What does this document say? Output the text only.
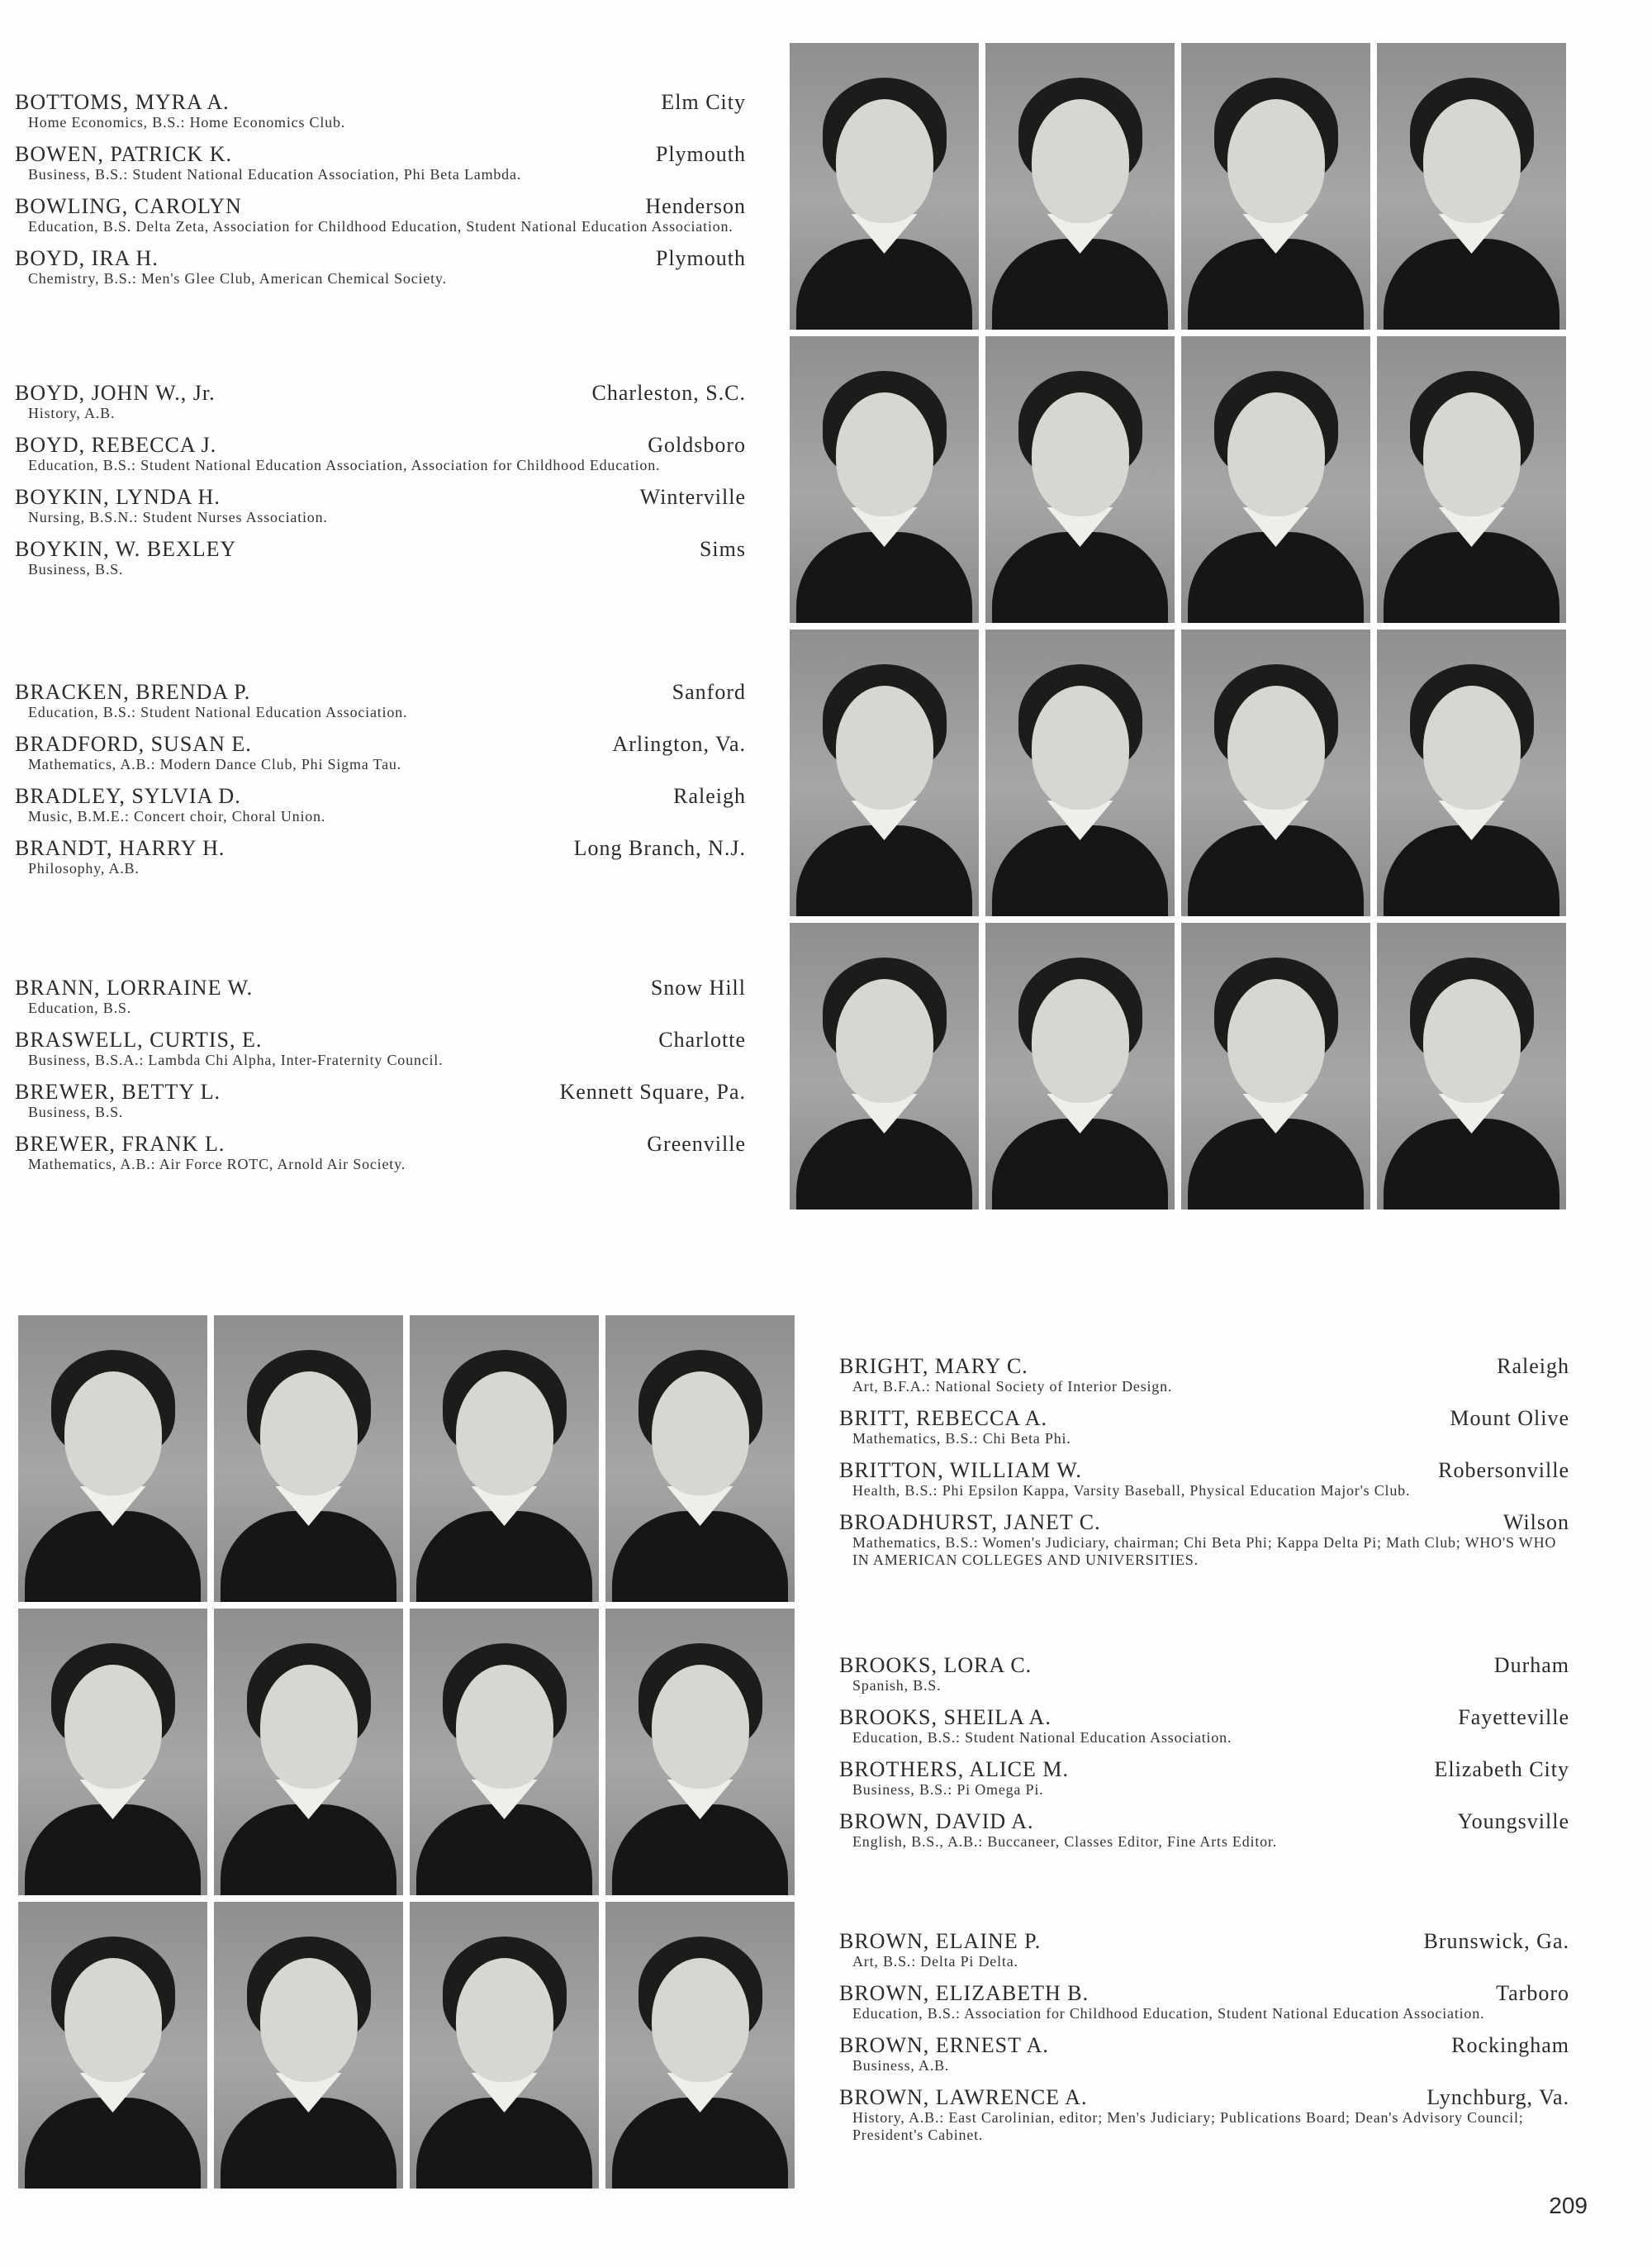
BOTTOMS, MYRA A.	Elm City
Home Economics, B.S.: Home Economics Club.
BOWEN, PATRICK K.	Plymouth
Business, B.S.: Student National Education Association, Phi Beta Lambda.
BOWLING, CAROLYN	Henderson
Education, B.S. Delta Zeta, Association for Childhood Education, Student National Education Association.
BOYD, IRA H.	Plymouth
Chemistry, B.S.: Men's Glee Club, American Chemical Society.
BOYD, JOHN W., Jr.	Charleston, S.C.
History, A.B.
BOYD, REBECCA J.	Goldsboro
Education, B.S.: Student National Education Association, Association for Childhood Education.
BOYKIN, LYNDA H.	Winterville
Nursing, B.S.N.: Student Nurses Association.
BOYKIN, W. BEXLEY	Sims
Business, B.S.
BRACKEN, BRENDA P.	Sanford
Education, B.S.: Student National Education Association.
BRADFORD, SUSAN E.	Arlington, Va.
Mathematics, A.B.: Modern Dance Club, Phi Sigma Tau.
BRADLEY, SYLVIA D.	Raleigh
Music, B.M.E.: Concert choir, Choral Union.
BRANDT, HARRY H.	Long Branch, N.J.
Philosophy, A.B.
BRANN, LORRAINE W.	Snow Hill
Education, B.S.
BRASWELL, CURTIS, E.	Charlotte
Business, B.S.A.: Lambda Chi Alpha, Inter-Fraternity Council.
BREWER, BETTY L.	Kennett Square, Pa.
Business, B.S.
BREWER, FRANK L.	Greenville
Mathematics, A.B.: Air Force ROTC, Arnold Air Society.
BRIGHT, MARY C.	Raleigh
Art, B.F.A.: National Society of Interior Design.
BRITT, REBECCA A.	Mount Olive
Mathematics, B.S.: Chi Beta Phi.
BRITTON, WILLIAM W.	Robersonville
Health, B.S.: Phi Epsilon Kappa, Varsity Baseball, Physical Education Major's Club.
BROADHURST, JANET C.	Wilson
Mathematics, B.S.: Women's Judiciary, chairman; Chi Beta Phi; Kappa Delta Pi; Math Club; WHO'S WHO IN AMERICAN COLLEGES AND UNIVERSITIES.
BROOKS, LORA C.	Durham
Spanish, B.S.
BROOKS, SHEILA A.	Fayetteville
Education, B.S.: Student National Education Association.
BROTHERS, ALICE M.	Elizabeth City
Business, B.S.: Pi Omega Pi.
BROWN, DAVID A.	Youngsville
English, B.S., A.B.: Buccaneer, Classes Editor, Fine Arts Editor.
BROWN, ELAINE P.	Brunswick, Ga.
Art, B.S.: Delta Pi Delta.
BROWN, ELIZABETH B.	Tarboro
Education, B.S.: Association for Childhood Education, Student National Education Association.
BROWN, ERNEST A.	Rockingham
Business, A.B.
BROWN, LAWRENCE A.	Lynchburg, Va.
History, A.B.: East Carolinian, editor; Men's Judiciary; Publications Board; Dean's Advisory Council; President's Cabinet.
209
